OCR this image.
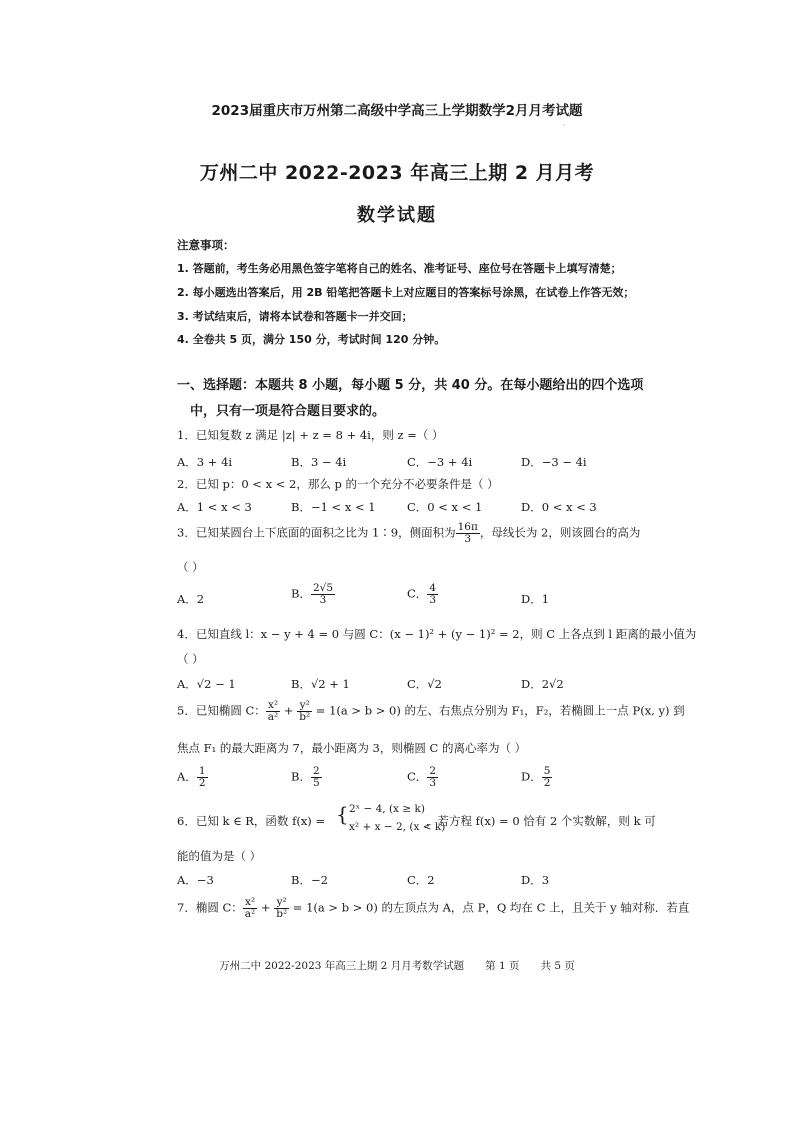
2023届重庆市万州第二高级中学高三上学期数学2月月考试题
·
万州二中 2022-2023 年高三上期 2 月月考
数学试题
注意事项：
1. 答题前，考生务必用黑色签字笔将自己的姓名、准考证号、座位号在答题卡上填写清楚；
2. 每小题选出答案后，用 2B 铅笔把答题卡上对应题目的答案标号涂黑，在试卷上作答无效；
3. 考试结束后，请将本试卷和答题卡一并交回；
4. 全卷共 5 页，满分 150 分，考试时间 120 分钟。
一、选择题：本题共 8 小题，每小题 5 分，共 40 分。在每小题给出的四个选项
中，只有一项是符合题目要求的。
1．已知复数 z 满足 |z| + z = 8 + 4i，则 z =（ ）
A．3 + 4i	B．3 − 4i	C．−3 + 4i	D．−3 − 4i
2．已知 p：0 < x < 2，那么 p 的一个充分不必要条件是（ ）
A．1 < x < 3	B．−1 < x < 1	C．0 < x < 1	D．0 < x < 3
3．已知某圆台上下底面的面积之比为 1∶9，侧面积为 $\frac{16\pi}{3}$ ，母线长为 2，则该圆台的高为
（ ）
A．2	B． $\frac{2√5}{3}$	C． $\frac{4}{3}$	D．1
4．已知直线 l：x − y + 4 = 0 与圆 C：(x − 1)² + (y − 1)² = 2，则 C 上各点到 l 距离的最小值为
（ ）
A．√2 − 1	B．√2 + 1	C．√2	D．2√2
5．已知椭圆 C： $\frac{\text{x²}}{\text{a²}} + \frac{\text{y²}}{\text{b²}} = 1(a > b > 0)$ 的左、右焦点分别为 F₁，F₂，若椭圆上一点 P(x, y) 到
焦点 F₁ 的最大距离为 7，最小距离为 3，则椭圆 C 的离心率为（ ）
A． $\frac{1}{2}$	B． $\frac{2}{5}$	C． $\frac{2}{3}$	D． $\frac{5}{2}$
6．已知 k ∈ R，函数 f(x) = { 2ˣ − 4, (x ≥ k)
x² + x − 2, (x < k)
，若方程 f(x) = 0 恰有 2 个实数解，则 k 可
能的值为是（ ）
A．−3	B．−2	C．2	D．3
7．椭圆 C： $\frac{\text{x²}}{\text{a²}} + \frac{\text{y²}}{\text{b²}} = 1(a > b > 0)$ 的左顶点为 A，点 P，Q 均在 C 上，且关于 y 轴对称．若直
万州二中 2022-2023 年高三上期 2 月月考数学试题　　第 1 页　　共 5 页
